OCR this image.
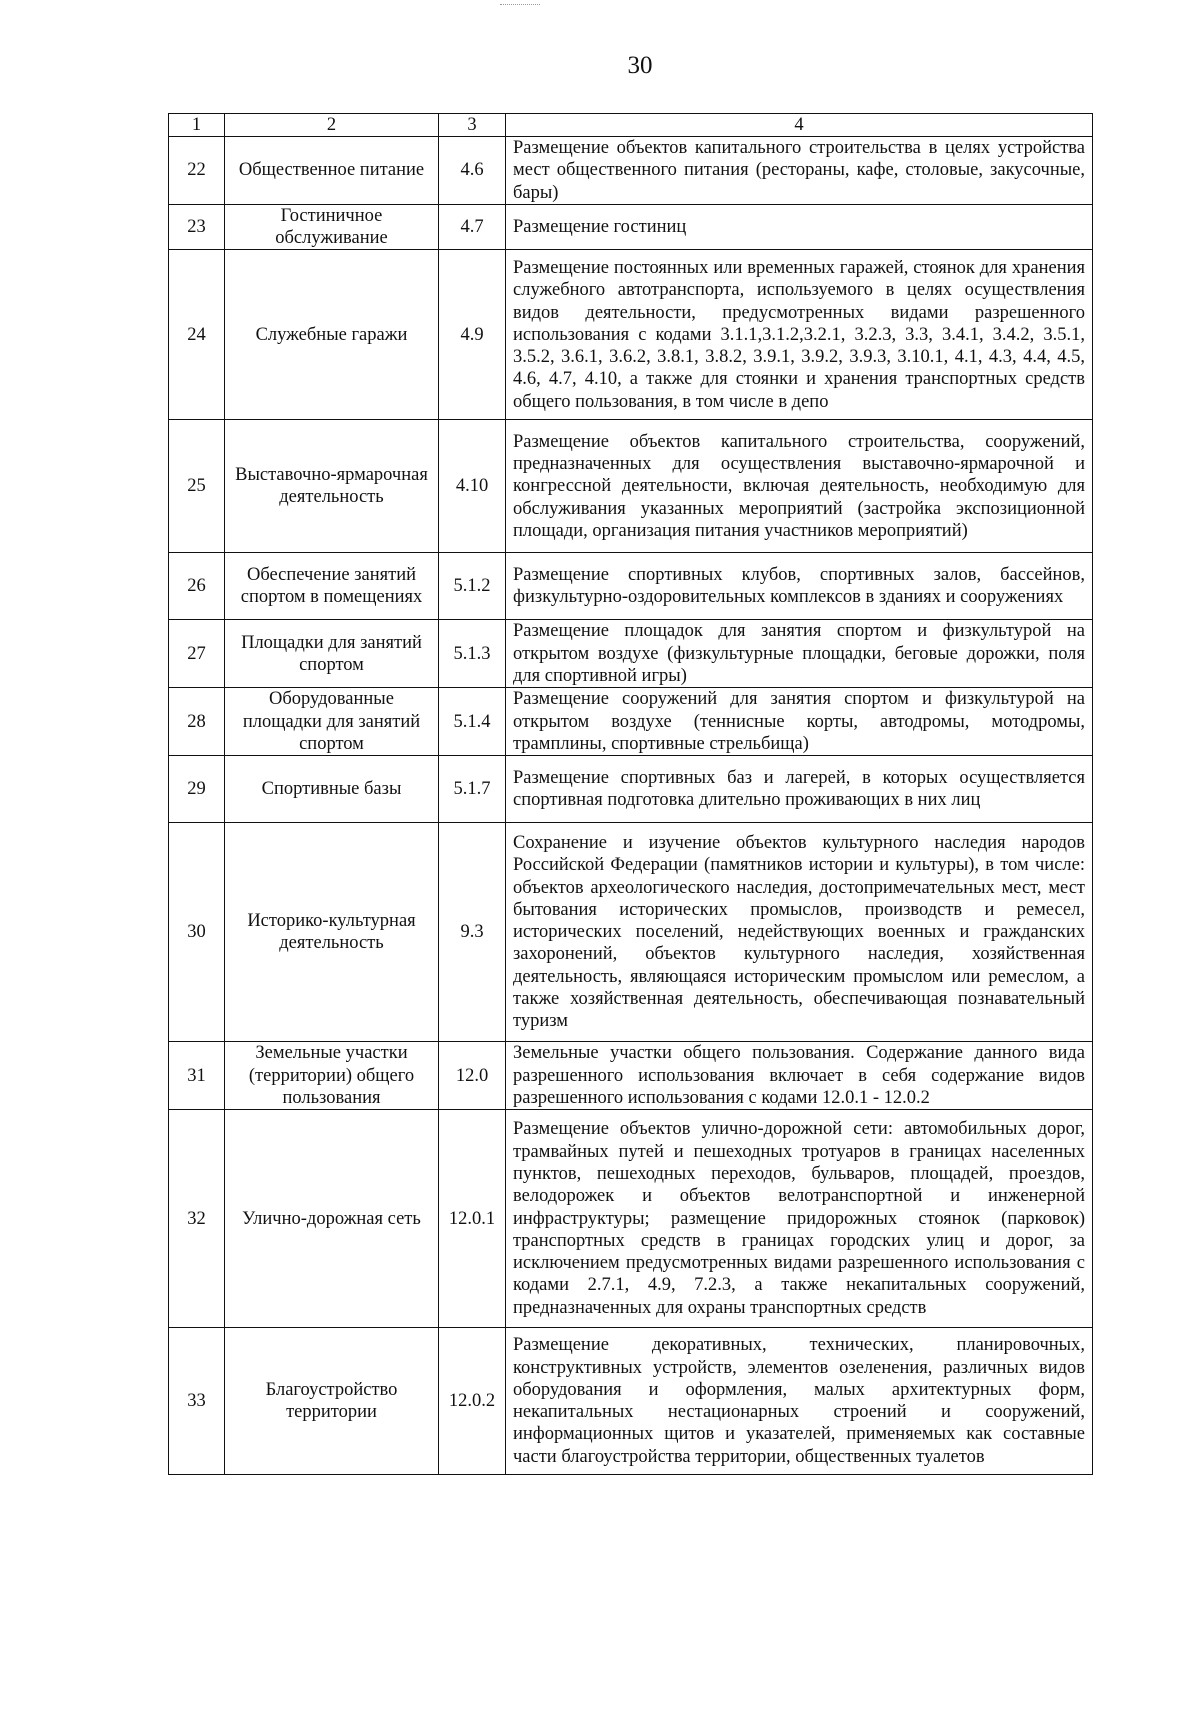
30
1	2	3	4
22	Общественное питание	4.6	Размещение объектов капитального строительства в целях устройства мест общественного питания (рестораны, кафе, столовые, закусочные, бары)
23	Гостиничное обслуживание	4.7	Размещение гостиниц
24	Служебные гаражи	4.9	Размещение постоянных или временных гаражей, стоянок для хранения служебного автотранспорта, используемого в целях осуществления видов деятельности, предусмотренных видами разрешенного использования с кодами 3.1.1,3.1.2,3.2.1, 3.2.3, 3.3, 3.4.1, 3.4.2, 3.5.1, 3.5.2, 3.6.1, 3.6.2, 3.8.1, 3.8.2, 3.9.1, 3.9.2, 3.9.3, 3.10.1, 4.1, 4.3, 4.4, 4.5, 4.6, 4.7, 4.10, а также для стоянки и хранения транспортных средств общего пользования, в том числе в депо
25	Выставочно-ярмарочная деятельность	4.10	Размещение объектов капитального строительства, сооружений, предназначенных для осуществления выставочно-ярмарочной и конгрессной деятельности, включая деятельность, необходимую для обслуживания указанных мероприятий (застройка экспозиционной площади, организация питания участников мероприятий)
26	Обеспечение занятий спортом в помещениях	5.1.2	Размещение спортивных клубов, спортивных залов, бассейнов, физкультурно-оздоровительных комплексов в зданиях и сооружениях
27	Площадки для занятий спортом	5.1.3	Размещение площадок для занятия спортом и физкультурой на открытом воздухе (физкультурные площадки, беговые дорожки, поля для спортивной игры)
28	Оборудованные площадки для занятий спортом	5.1.4	Размещение сооружений для занятия спортом и физкультурой на открытом воздухе (теннисные корты, автодромы, мотодромы, трамплины, спортивные стрельбища)
29	Спортивные базы	5.1.7	Размещение спортивных баз и лагерей, в которых осуществляется спортивная подготовка длительно проживающих в них лиц
30	Историко-культурная деятельность	9.3	Сохранение и изучение объектов культурного наследия народов Российской Федерации (памятников истории и культуры), в том числе: объектов археологического наследия, достопримечательных мест, мест бытования исторических промыслов, производств и ремесел, исторических поселений, недействующих военных и гражданских захоронений, объектов культурного наследия, хозяйственная деятельность, являющаяся историческим промыслом или ремеслом, а также хозяйственная деятельность, обеспечивающая познавательный туризм
31	Земельные участки (территории) общего пользования	12.0	Земельные участки общего пользования. Содержание данного вида разрешенного использования включает в себя содержание видов разрешенного использования с кодами 12.0.1 - 12.0.2
32	Улично-дорожная сеть	12.0.1	Размещение объектов улично-дорожной сети: автомобильных дорог, трамвайных путей и пешеходных тротуаров в границах населенных пунктов, пешеходных переходов, бульваров, площадей, проездов, велодорожек и объектов велотранспортной и инженерной инфраструктуры; размещение придорожных стоянок (парковок) транспортных средств в границах городских улиц и дорог, за исключением предусмотренных видами разрешенного использования с кодами 2.7.1, 4.9, 7.2.3, а также некапитальных сооружений, предназначенных для охраны транспортных средств
33	Благоустройство территории	12.0.2	Размещение декоративных, технических, планировочных, конструктивных устройств, элементов озеленения, различных видов оборудования и оформления, малых архитектурных форм, некапитальных нестационарных строений и сооружений, информационных щитов и указателей, применяемых как составные части благоустройства территории, общественных туалетов
